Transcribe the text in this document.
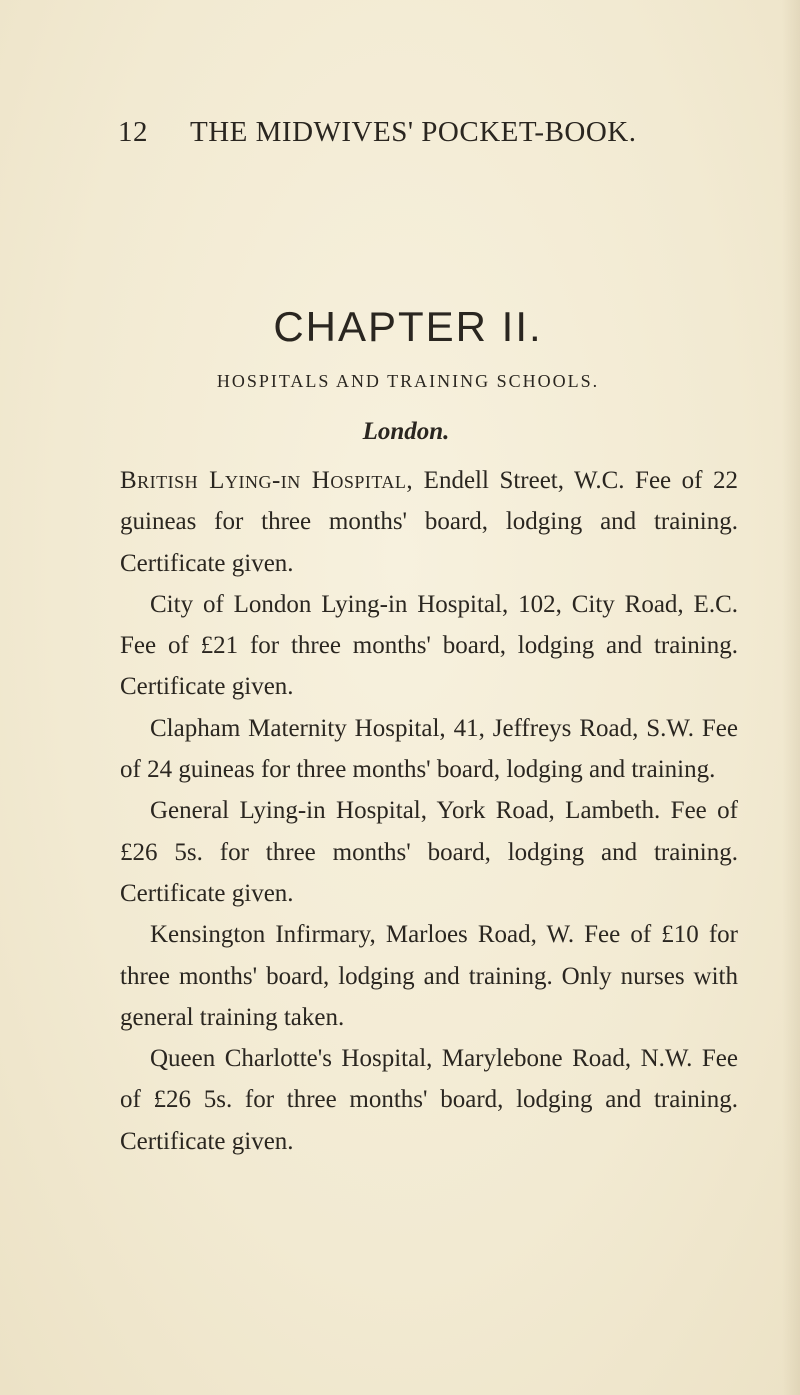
12 THE MIDWIVES' POCKET-BOOK.
CHAPTER II.
HOSPITALS AND TRAINING SCHOOLS.
London.

British Lying-in Hospital, Endell Street, W.C. Fee of 22 guineas for three months' board, lodging and training. Certificate given.

City of London Lying-in Hospital, 102, City Road, E.C. Fee of £21 for three months' board, lodging and training. Certificate given.

Clapham Maternity Hospital, 41, Jeffreys Road, S.W. Fee of 24 guineas for three months' board, lodging and training.

General Lying-in Hospital, York Road, Lambeth. Fee of £26 5s. for three months' board, lodging and training. Certificate given.

Kensington Infirmary, Marloes Road, W. Fee of £10 for three months' board, lodging and training. Only nurses with general training taken.

Queen Charlotte's Hospital, Marylebone Road, N.W. Fee of £26 5s. for three months' board, lodging and training. Certificate given.
